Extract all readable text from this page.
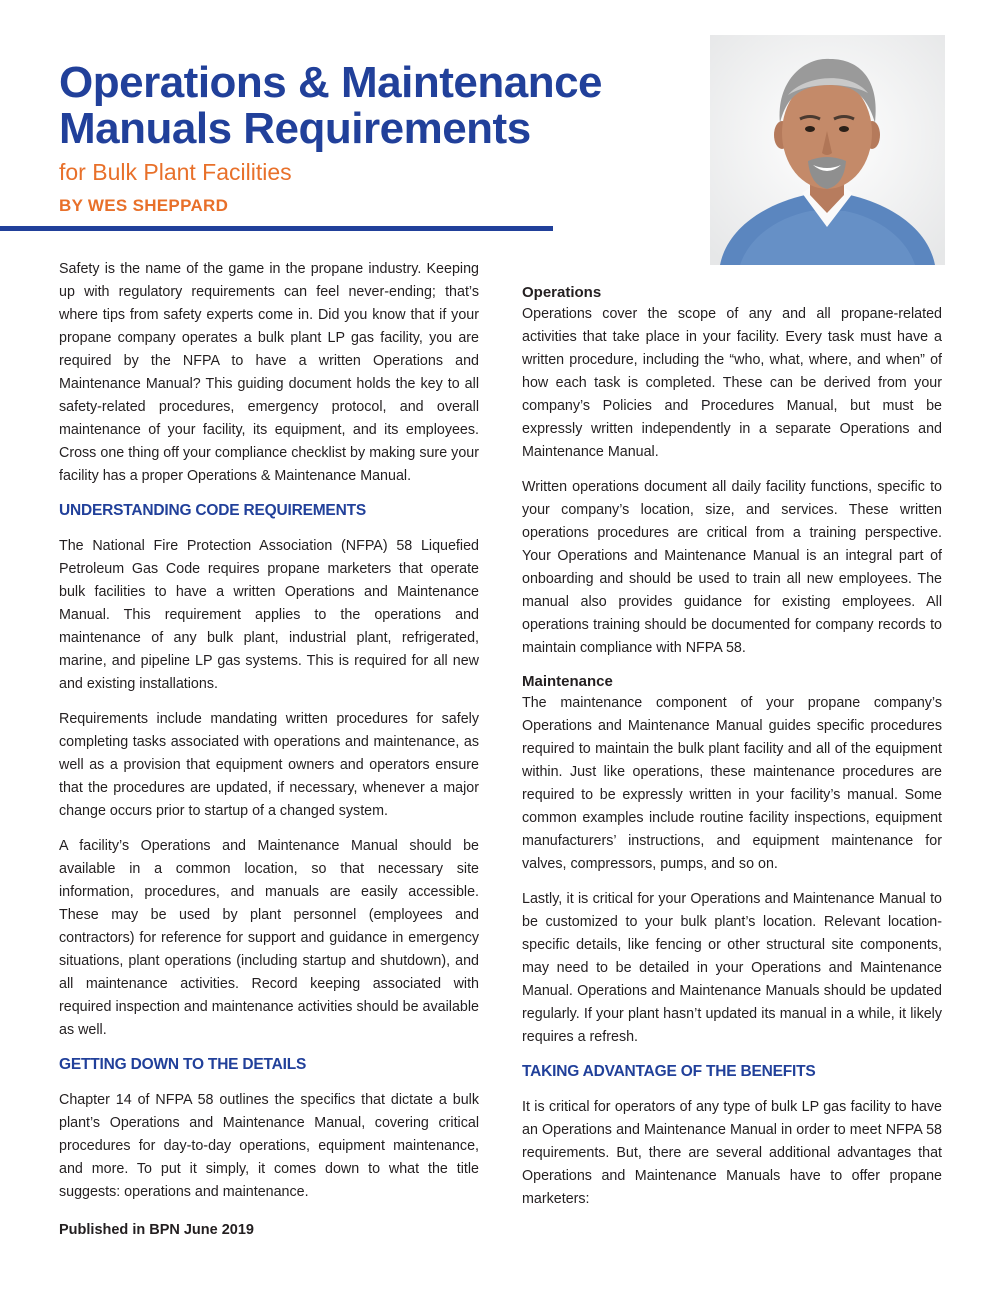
Operations & Maintenance Manuals Requirements

for Bulk Plant Facilities

BY WES SHEPPARD

Safety is the name of the game in the propane industry. Keeping up with regulatory requirements can feel never-ending; that’s where tips from safety experts come in. Did you know that if your propane company operates a bulk plant LP gas facility, you are required by the NFPA to have a written Operations and Maintenance Manual? This guiding document holds the key to all safety-related procedures, emergency protocol, and overall maintenance of your facility, its equipment, and its employees. Cross one thing off your compliance checklist by making sure your facility has a proper Operations & Maintenance Manual.

UNDERSTANDING CODE REQUIREMENTS

The National Fire Protection Association (NFPA) 58 Liquefied Petroleum Gas Code requires propane marketers that operate bulk facilities to have a written Operations and Maintenance Manual. This requirement applies to the operations and maintenance of any bulk plant, industrial plant, refrigerated, marine, and pipeline LP gas systems. This is required for all new and existing installations.

Requirements include mandating written procedures for safely completing tasks associated with operations and maintenance, as well as a provision that equipment owners and operators ensure that the procedures are updated, if necessary, whenever a major change occurs prior to startup of a changed system.

A facility’s Operations and Maintenance Manual should be available in a common location, so that necessary site information, procedures, and manuals are easily accessible. These may be used by plant personnel (employees and contractors) for reference for support and guidance in emergency situations, plant operations (including startup and shutdown), and all maintenance activities. Record keeping associated with required inspection and maintenance activities should be available as well.

GETTING DOWN TO THE DETAILS

Chapter 14 of NFPA 58 outlines the specifics that dictate a bulk plant’s Operations and Maintenance Manual, covering critical procedures for day-to-day operations, equipment maintenance, and more. To put it simply, it comes down to what the title suggests: operations and maintenance.

Operations

Operations cover the scope of any and all propane-related activities that take place in your facility. Every task must have a written procedure, including the “who, what, where, and when” of how each task is completed. These can be derived from your company’s Policies and Procedures Manual, but must be expressly written independently in a separate Operations and Maintenance Manual.

Written operations document all daily facility functions, specific to your company’s location, size, and services. These written operations procedures are critical from a training perspective. Your Operations and Maintenance Manual is an integral part of onboarding and should be used to train all new employees. The manual also provides guidance for existing employees. All operations training should be documented for company records to maintain compliance with NFPA 58.

Maintenance

The maintenance component of your propane company’s Operations and Maintenance Manual guides specific procedures required to maintain the bulk plant facility and all of the equipment within. Just like operations, these maintenance procedures are required to be expressly written in your facility’s manual. Some common examples include routine facility inspections, equipment manufacturers’ instructions, and equipment maintenance for valves, compressors, pumps, and so on.

Lastly, it is critical for your Operations and Maintenance Manual to be customized to your bulk plant’s location. Relevant location-specific details, like fencing or other structural site components, may need to be detailed in your Operations and Maintenance Manual. Operations and Maintenance Manuals should be updated regularly. If your plant hasn’t updated its manual in a while, it likely requires a refresh.

TAKING ADVANTAGE OF THE BENEFITS

It is critical for operators of any type of bulk LP gas facility to have an Operations and Maintenance Manual in order to meet NFPA 58 requirements. But, there are several additional advantages that Operations and Maintenance Manuals have to offer propane marketers:

Published in BPN June 2019
